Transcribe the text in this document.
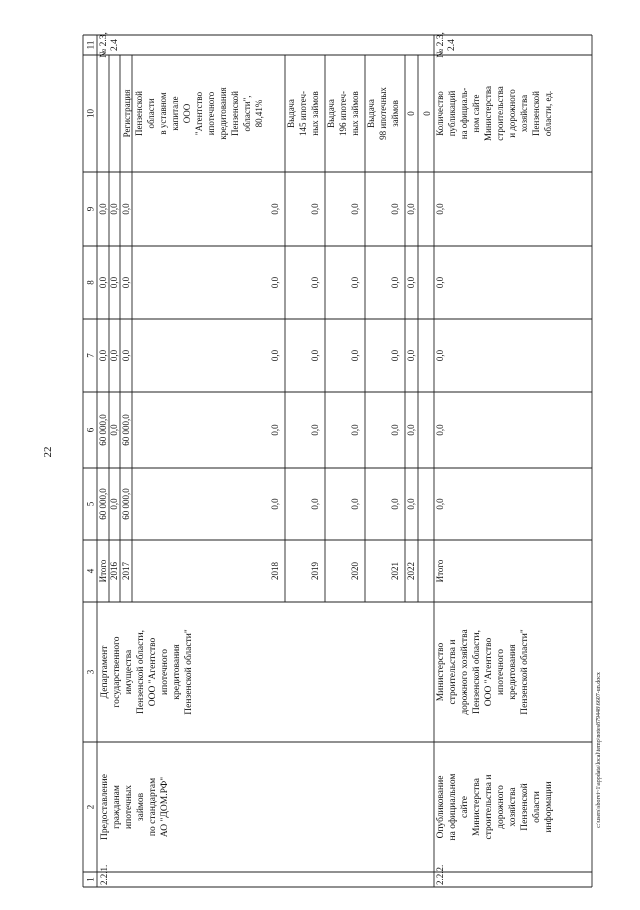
1
2
3
4
5
6
7
8
9
10
11
2.2.1.
Предоставление гражданам ипотечных займов по стандартам АО "ДОМ.РФ"
Департамент государственного имущества Пензенской области, ООО "Агентство ипотечного кредитования Пензенской области"
№ 2.3, 2.4
Итого
60 000,0
60 000,0
0,0
0,0
0,0
2016
0,0
0,0
0,0
0,0
0,0
2017
60 000,0
60 000,0
0,0
0,0
0,0
2018
0,0
0,0
0,0
0,0
0,0
2019
0,0
0,0
0,0
0,0
0,0
2020
0,0
0,0
0,0
0,0
0,0
2021
0,0
0,0
0,0
0,0
0,0
2022
0,0
0,0
0,0
0,0
0,0
Регистрация Пензенской области в уставном капитале ООО "Агентство ипотечного кредитования Пензенской области", 80,41% Выдача 145 ипотеч- ных займов Выдача 196 ипотеч- ных займов Выдача 98 ипотечных займов 0 0
2.2.2.
Опубликование на официальном сайте Министерства строительства и дорожного хозяйства Пензенской области информации
Министерство строительства и дорожного хозяйства Пензенской области, ООО "Агентство ипотечного кредитования Пензенской области"
Итого
0,0
0,0
0,0
0,0
0,0
Количество публикаций на официаль- ном сайте Министерства строительства и дорожного хозяйства Пензенской области, ед.
№ 2.3, 2.4
22
c:\users\sborvi~1\appdata\local\temp\notes879448\6607-un.docx
